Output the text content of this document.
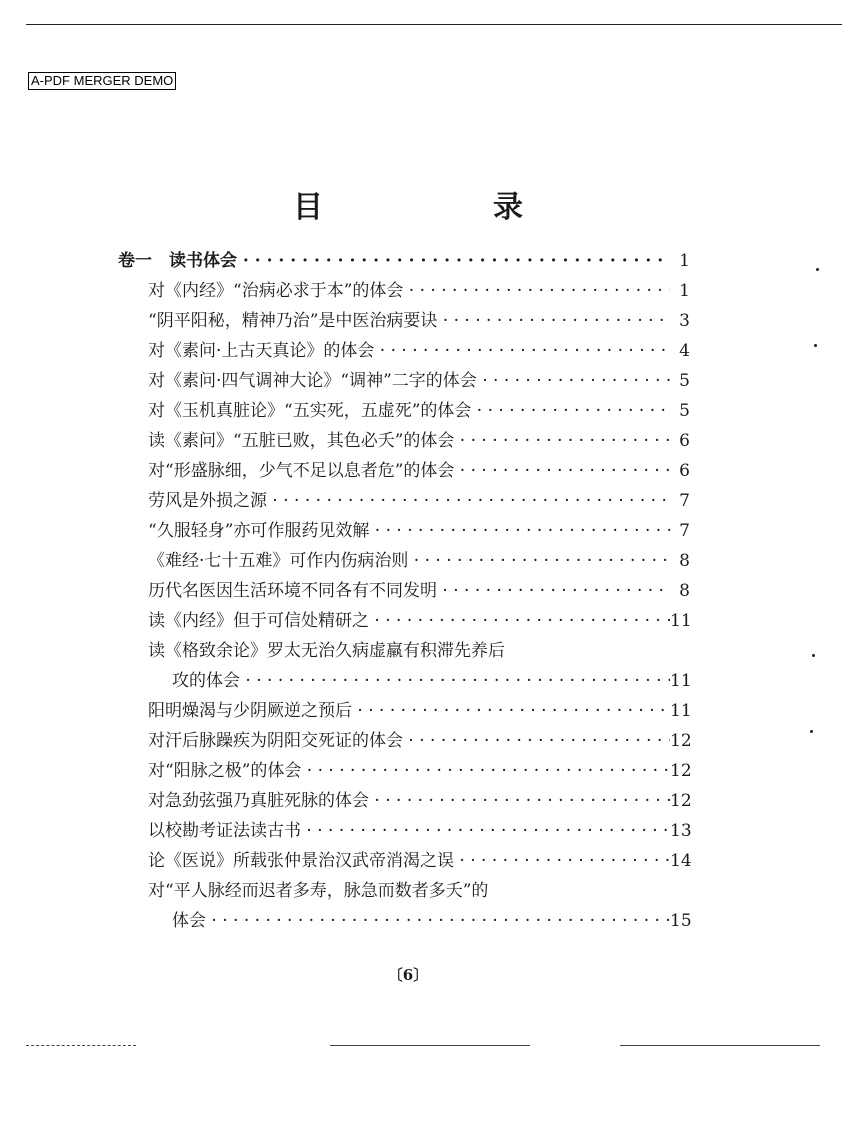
A-PDF MERGER DEMO
目　录
卷一　读书体会 · · ·	1
对《内经》“治病必求于本”的体会 · · ·	1
“阴平阳秘，精神乃治”是中医治病要诀 · · ·	3
对《素问·上古天真论》的体会 · · ·	4
对《素问·四气调神大论》“调神”二字的体会 · · ·	5
对《玉机真脏论》“五实死，五虚死”的体会 · · ·	5
读《素问》“五脏已败，其色必夭”的体会 · · ·	6
对“形盛脉细，少气不足以息者危”的体会 · · ·	6
劳风是外损之源 · · ·	7
“久服轻身”亦可作服药见效解 · · ·	7
《难经·七十五难》可作内伤病治则 · · ·	8
历代名医因生活环境不同各有不同发明 · · ·	8
读《内经》但于可信处精研之 · · ·	11
读《格致余论》罗太无治久病虚羸有积滞先养后
攻的体会 · · ·	11
阳明燥渴与少阴厥逆之预后 · · ·	11
对汗后脉躁疾为阴阳交死证的体会 · · ·	12
对“阳脉之极”的体会 · · ·	12
对急劲弦强乃真脏死脉的体会 · · ·	12
以校勘考证法读古书 · · ·	13
论《医说》所载张仲景治汉武帝消渴之误 · · ·	14
对“平人脉经而迟者多寿，脉急而数者多夭”的
体会 · · ·	15
〔6〕
